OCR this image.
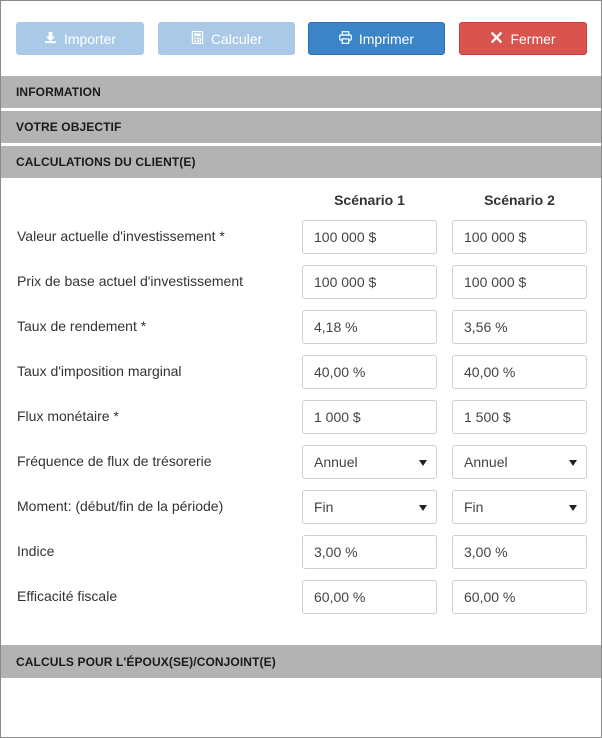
Importer	Calculer	Imprimer	Fermer
INFORMATION
VOTRE OBJECTIF
CALCULATIONS DU CLIENT(E)
Scénario 1	Scénario 2
Valeur actuelle d'investissement *	100 000 $	100 000 $
Prix de base actuel d'investissement	100 000 $	100 000 $
Taux de rendement *	4,18 %	3,56 %
Taux d'imposition marginal	40,00 %	40,00 %
Flux monétaire *	1 000 $	1 500 $
Fréquence de flux de trésorerie	Annuel	Annuel
Moment: (début/fin de la période)	Fin	Fin
Indice	3,00 %	3,00 %
Efficacité fiscale	60,00 %	60,00 %
CALCULS POUR L'ÉPOUX(SE)/CONJOINT(E)
